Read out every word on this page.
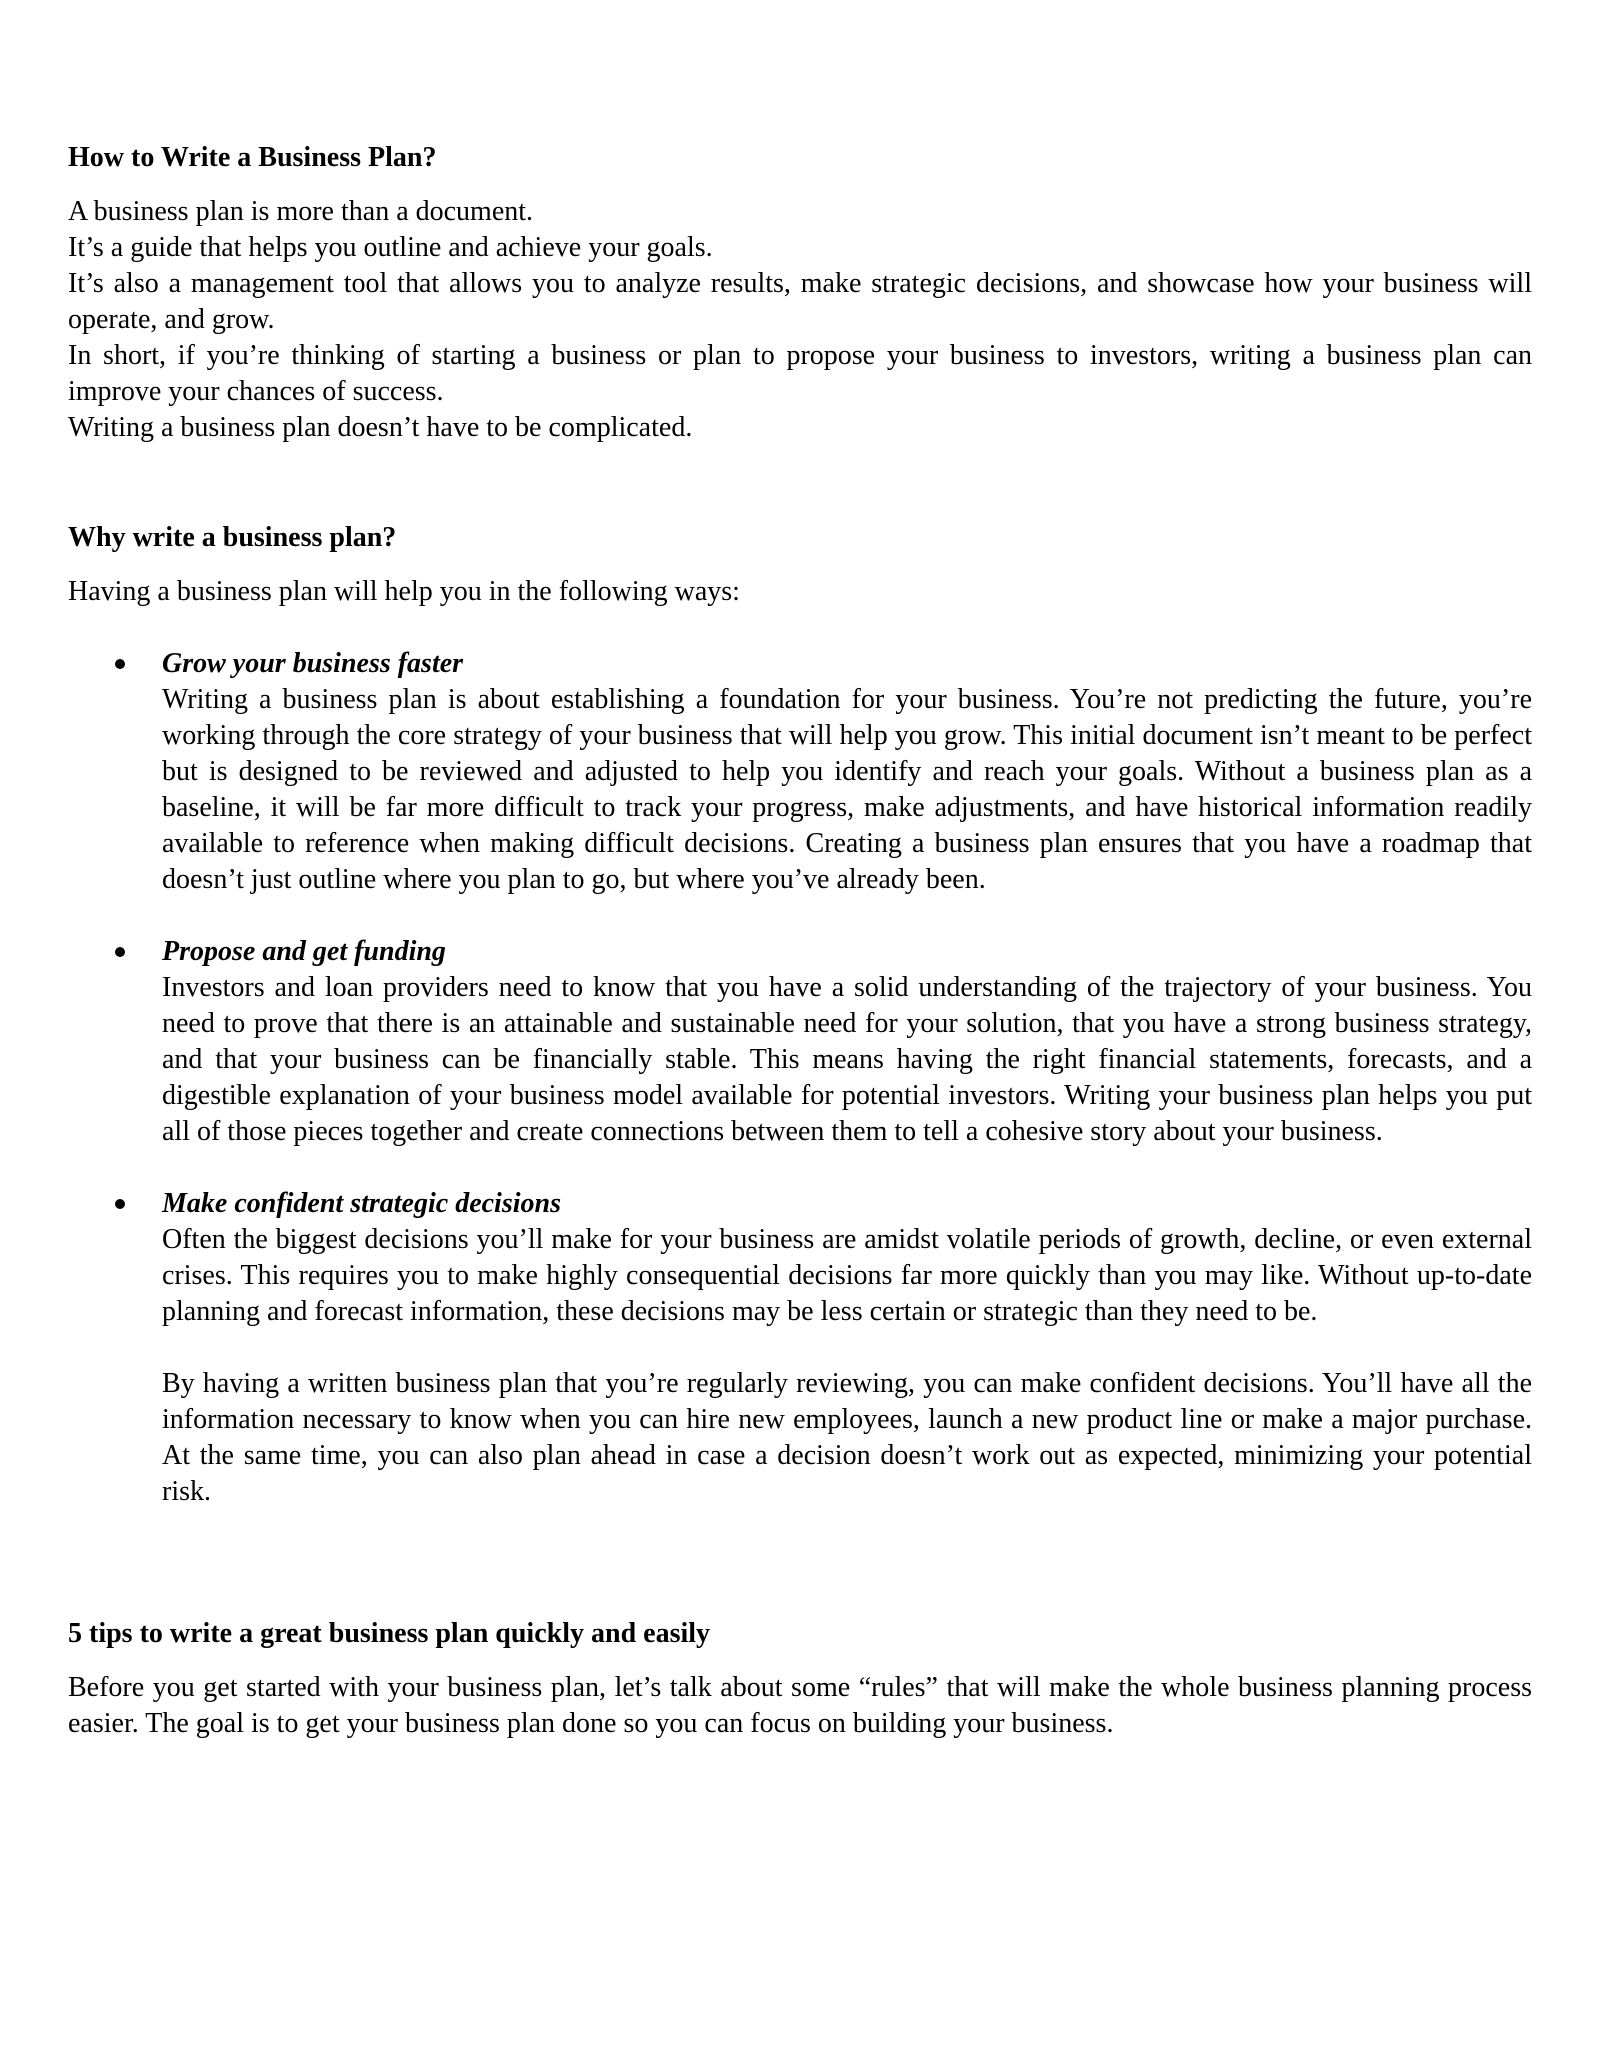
How to Write a Business Plan?

A business plan is more than a document.

It’s a guide that helps you outline and achieve your goals.

It’s also a management tool that allows you to analyze results, make strategic decisions, and showcase how your business will operate, and grow.

In short, if you’re thinking of starting a business or plan to propose your business to investors, writing a business plan can improve your chances of success.

Writing a business plan doesn’t have to be complicated.

Why write a business plan?

Having a business plan will help you in the following ways:

Grow your business faster

Writing a business plan is about establishing a foundation for your business. You’re not predicting the future, you’re working through the core strategy of your business that will help you grow. This initial document isn’t meant to be perfect but is designed to be reviewed and adjusted to help you identify and reach your goals. Without a business plan as a baseline, it will be far more difficult to track your progress, make adjustments, and have historical information readily available to reference when making difficult decisions. Creating a business plan ensures that you have a roadmap that doesn’t just outline where you plan to go, but where you’ve already been.

Propose and get funding

Investors and loan providers need to know that you have a solid understanding of the trajectory of your business. You need to prove that there is an attainable and sustainable need for your solution, that you have a strong business strategy, and that your business can be financially stable. This means having the right financial statements, forecasts, and a digestible explanation of your business model available for potential investors. Writing your business plan helps you put all of those pieces together and create connections between them to tell a cohesive story about your business.

Make confident strategic decisions

Often the biggest decisions you’ll make for your business are amidst volatile periods of growth, decline, or even external crises. This requires you to make highly consequential decisions far more quickly than you may like. Without up-to-date planning and forecast information, these decisions may be less certain or strategic than they need to be.

By having a written business plan that you’re regularly reviewing, you can make confident decisions. You’ll have all the information necessary to know when you can hire new employees, launch a new product line or make a major purchase. At the same time, you can also plan ahead in case a decision doesn’t work out as expected, minimizing your potential risk.

5 tips to write a great business plan quickly and easily

Before you get started with your business plan, let’s talk about some “rules” that will make the whole business planning process easier. The goal is to get your business plan done so you can focus on building your business.
